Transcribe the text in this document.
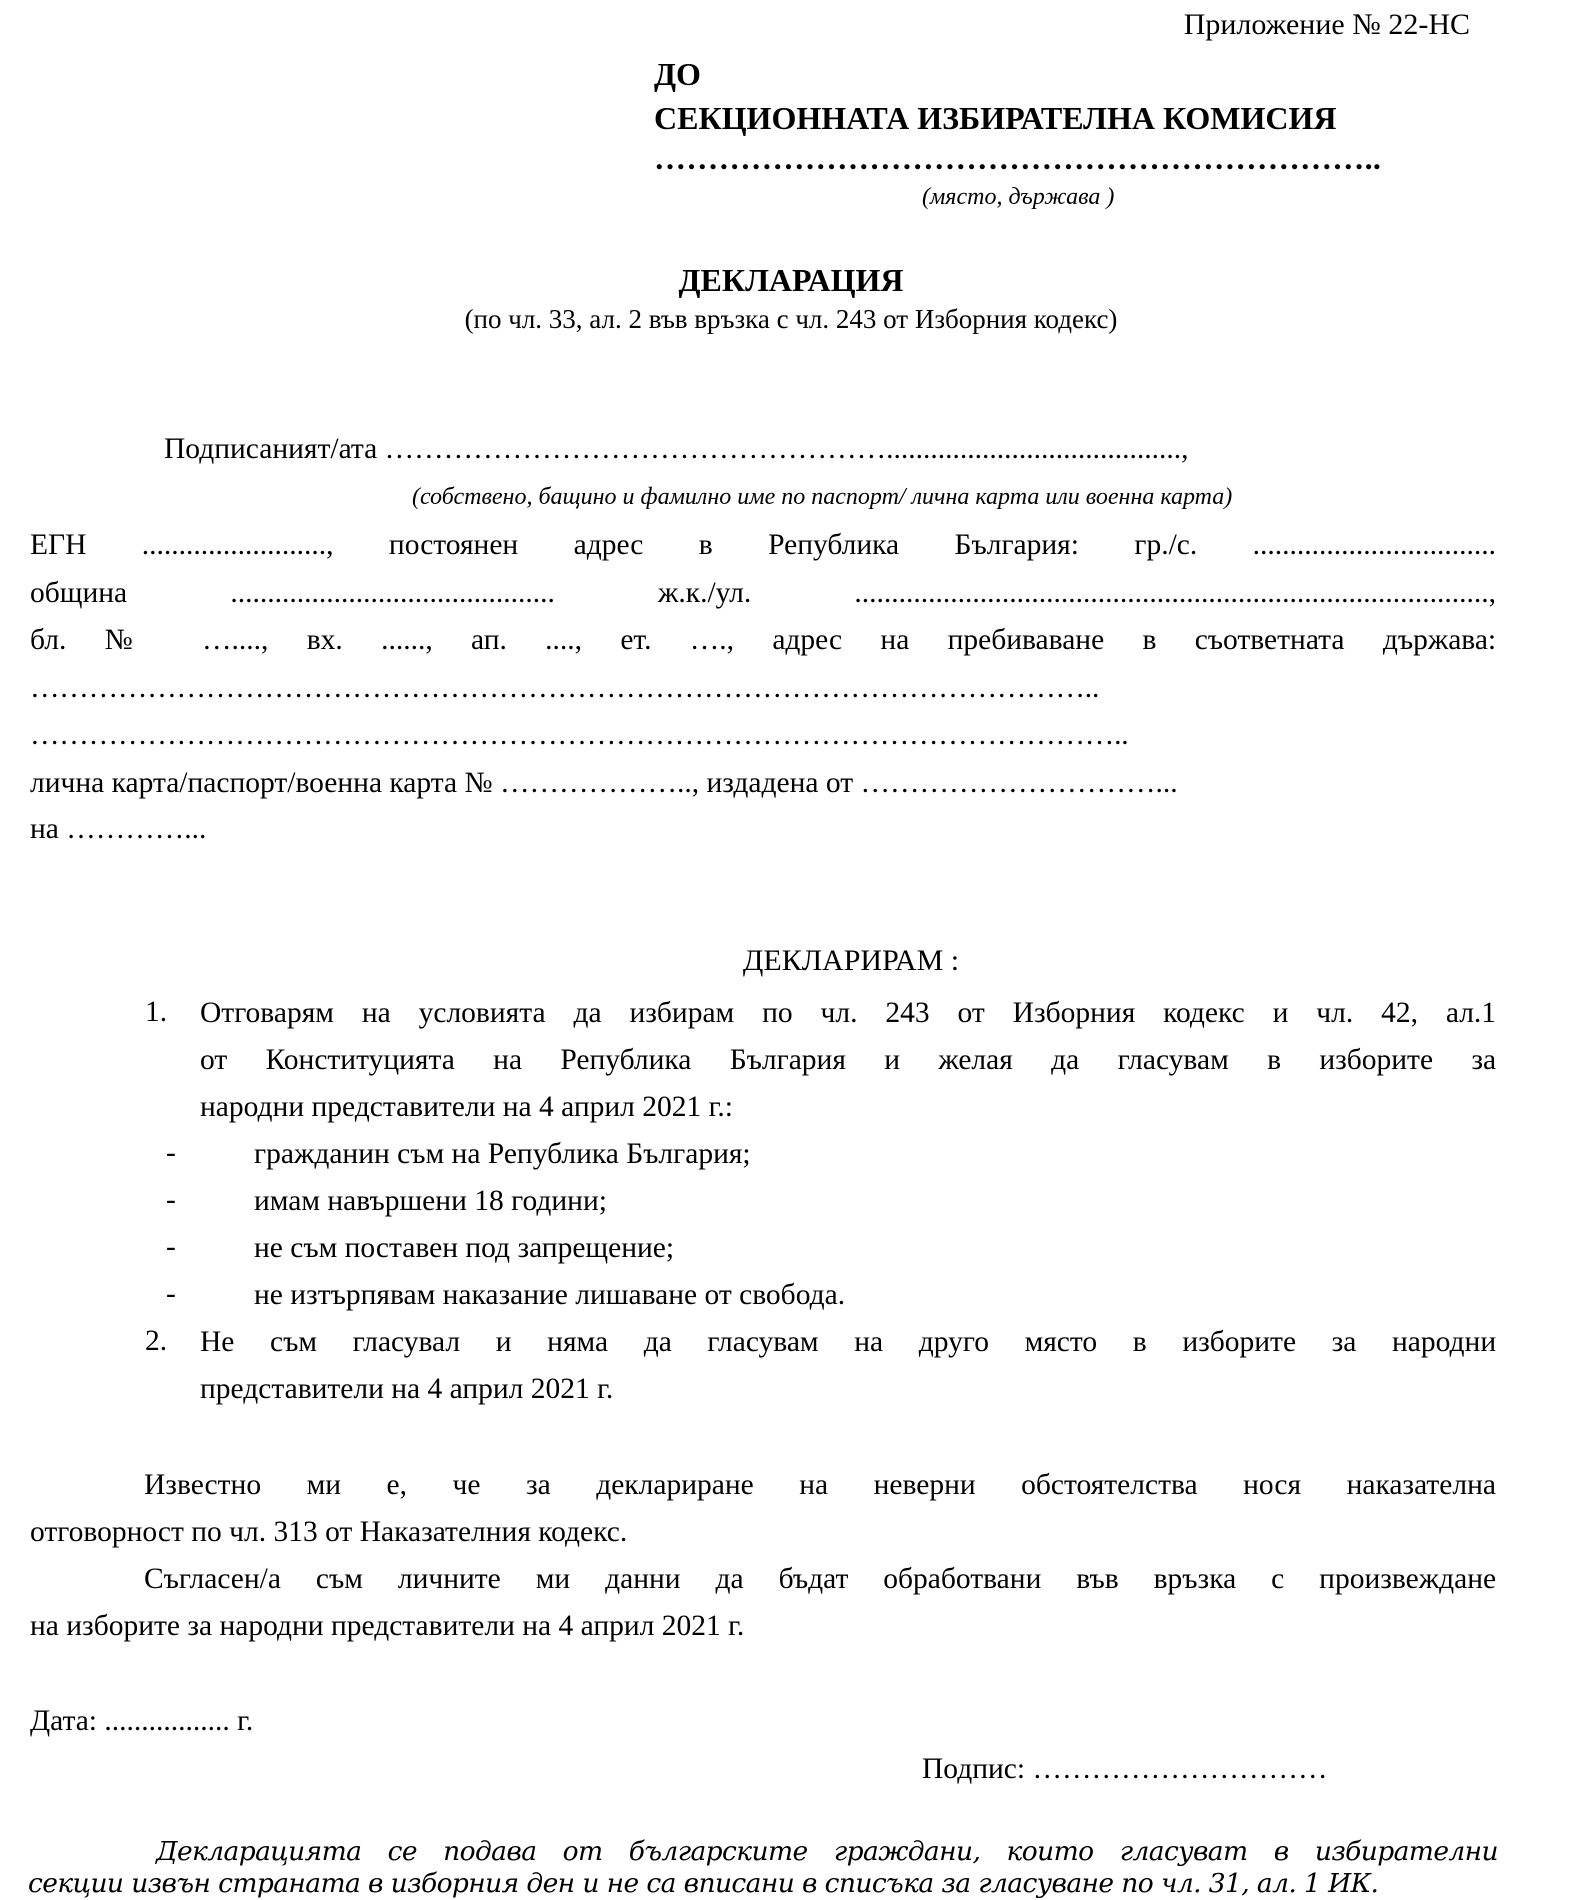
Приложение № 22-НС
ДО
СЕКЦИОННАТА ИЗБИРАТЕЛНА КОМИСИЯ
…………………………………………………………..
(място, държава )
ДЕКЛАРАЦИЯ
(по чл. 33, ал. 2 във връзка с чл. 243 от Изборния кодекс)
Подписаният/ата ……………………………………………........................................,
(собствено, бащино и фамилно име по паспорт/ лична карта или военна карта)
ЕГН ........................., постоянен адрес в Република България: гр./с. .................................
община	............................................	ж.к./ул.	......................................................................................,
бл. № …...., вх. ......, ап. ...., ет. …., адрес на пребиваване в съответната държава:
………………………………………………………………………………………………..
…………………………………………………………………………………………………..
лична карта/паспорт/военна карта № ……………….., издадена от …………………………...
на …………...
ДЕКЛАРИРАМ :
1. Отговарям на условията да избирам по чл. 243 от Изборния кодекс и чл. 42, ал.1
от Конституцията на Република България и желая да гласувам в изборите за
народни представители на 4 април 2021 г.:
-	гражданин съм на Република България;
-	имам навършени 18 години;
-	не съм поставен под запрещение;
-	не изтърпявам наказание лишаване от свобода.
2. Не съм гласувал и няма да гласувам на друго място в изборите за народни
представители на 4 април 2021 г.
Известно ми е, че за деклариране на неверни обстоятелства нося наказателна
отговорност по чл. 313 от Наказателния кодекс.
Съгласен/а съм личните ми данни да бъдат обработвани във връзка с произвеждане
на изборите за народни представители на 4 април 2021 г.
Дата: ................. г.
Подпис: …………………………
Декларацията се подава от българските граждани, които гласуват в избирателни
секции извън страната в изборния ден и не са вписани в списъка за гласуване по чл. 31, ал. 1 ИК.
